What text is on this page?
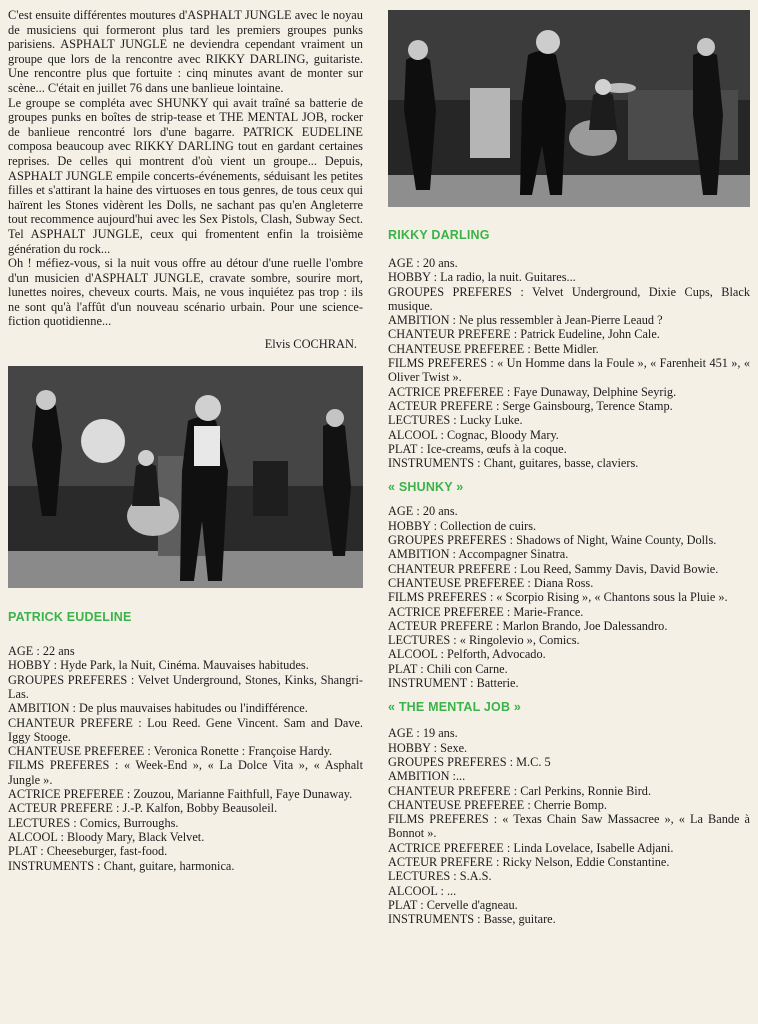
C'est ensuite différentes moutures d'ASPHALT JUNGLE avec le noyau de musiciens qui formeront plus tard les premiers groupes punks parisiens. ASPHALT JUNGLE ne deviendra cependant vraiment un groupe que lors de la rencontre avec RIKKY DARLING, guitariste. Une rencontre plus que fortuite : cinq minutes avant de monter sur scène... C'était en juillet 76 dans une banlieue lointaine.

Le groupe se compléta avec SHUNKY qui avait traîné sa batterie de groupes punks en boîtes de strip-tease et THE MENTAL JOB, rocker de banlieue rencontré lors d'une bagarre. PATRICK EUDELINE composa beaucoup avec RIKKY DARLING tout en gardant certaines reprises. De celles qui montrent d'où vient un groupe... Depuis, ASPHALT JUNGLE empile concerts-événements, séduisant les petites filles et s'attirant la haine des virtuoses en tous genres, de tous ceux qui haïrent les Stones vidèrent les Dolls, ne sachant pas qu'en Angleterre tout recommence aujourd'hui avec les Sex Pistols, Clash, Subway Sect. Tel ASPHALT JUNGLE, ceux qui fromentent enfin la troisième génération du rock...

Oh ! méfiez-vous, si la nuit vous offre au détour d'une ruelle l'ombre d'un musicien d'ASPHALT JUNGLE, cravate sombre, sourire mort, lunettes noires, cheveux courts. Mais, ne vous inquiétez pas trop : ils ne sont qu'à l'affût d'un nouveau scénario urbain. Pour une science-fiction quotidienne...

Elvis COCHRAN.
PATRICK EUDELINE
AGE : 22 ans
HOBBY : Hyde Park, la Nuit, Cinéma. Mauvaises habitudes.
GROUPES PREFERES : Velvet Underground, Stones, Kinks, Shangri-Las.
AMBITION : De plus mauvaises habitudes ou l'indifférence.
CHANTEUR PREFERE : Lou Reed. Gene Vincent. Sam and Dave. Iggy Stooge.
CHANTEUSE PREFEREE : Veronica Ronette : Françoise Hardy.
FILMS PREFERES : « Week-End », « La Dolce Vita », « Asphalt Jungle ».
ACTRICE PREFEREE : Zouzou, Marianne Faithfull, Faye Dunaway.
ACTEUR PREFERE : J.-P. Kalfon, Bobby Beausoleil.
LECTURES : Comics, Burroughs.
ALCOOL : Bloody Mary, Black Velvet.
PLAT : Cheeseburger, fast-food.
INSTRUMENTS : Chant, guitare, harmonica.
RIKKY DARLING
AGE : 20 ans.
HOBBY : La radio, la nuit. Guitares...
GROUPES PREFERES : Velvet Underground, Dixie Cups, Black musique.
AMBITION : Ne plus ressembler à Jean-Pierre Leaud ?
CHANTEUR PREFERE : Patrick Eudeline, John Cale.
CHANTEUSE PREFEREE : Bette Midler.
FILMS PREFERES : « Un Homme dans la Foule », « Farenheit 451 », « Oliver Twist ».
ACTRICE PREFEREE : Faye Dunaway, Delphine Seyrig.
ACTEUR PREFERE : Serge Gainsbourg, Terence Stamp.
LECTURES : Lucky Luke.
ALCOOL : Cognac, Bloody Mary.
PLAT : Ice-creams, œufs à la coque.
INSTRUMENTS : Chant, guitares, basse, claviers.
« SHUNKY »
AGE : 20 ans.
HOBBY : Collection de cuirs.
GROUPES PREFERES : Shadows of Night, Waine County, Dolls.
AMBITION : Accompagner Sinatra.
CHANTEUR PREFERE : Lou Reed, Sammy Davis, David Bowie.
CHANTEUSE PREFEREE : Diana Ross.
FILMS PREFERES : « Scorpio Rising », « Chantons sous la Pluie ».
ACTRICE PREFEREE : Marie-France.
ACTEUR PREFERE : Marlon Brando, Joe Dalessandro.
LECTURES : « Ringolevio », Comics.
ALCOOL : Pelforth, Advocado.
PLAT : Chili con Carne.
INSTRUMENT : Batterie.
« THE MENTAL JOB »
AGE : 19 ans.
HOBBY : Sexe.
GROUPES PREFERES : M.C. 5
AMBITION :...
CHANTEUR PREFERE : Carl Perkins, Ronnie Bird.
CHANTEUSE PREFEREE : Cherrie Bomp.
FILMS PREFERES : « Texas Chain Saw Massacree », « La Bande à Bonnot ».
ACTRICE PREFEREE : Linda Lovelace, Isabelle Adjani.
ACTEUR PREFERE : Ricky Nelson, Eddie Constantine.
LECTURES : S.A.S.
ALCOOL : ...
PLAT : Cervelle d'agneau.
INSTRUMENTS : Basse, guitare.
